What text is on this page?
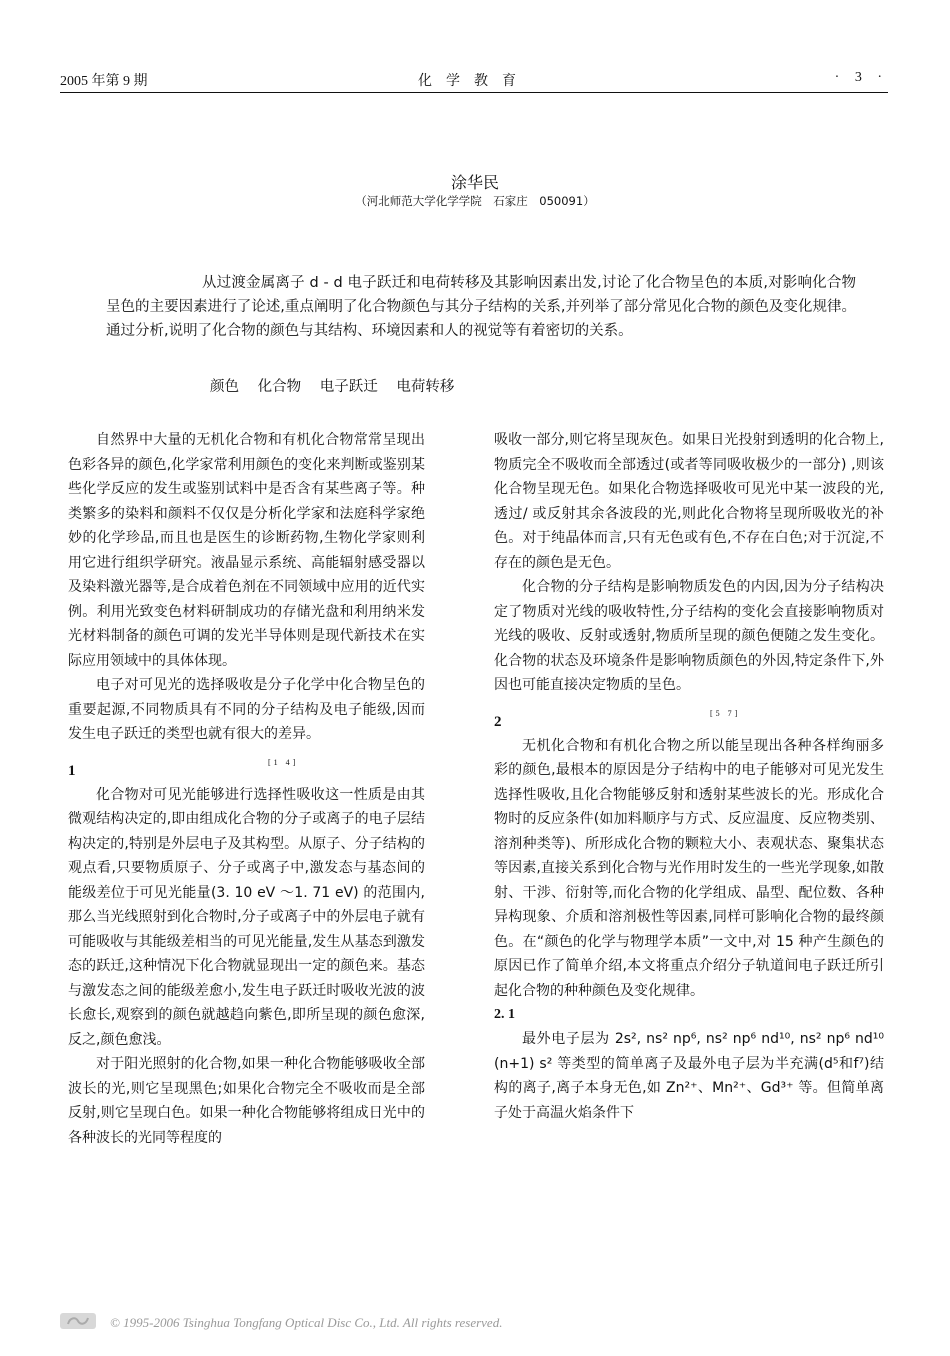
2005 年第 9 期	化学教育	· 3 ·
涂华民
（河北师范大学化学学院　石家庄　050091）

从过渡金属离子 d - d 电子跃迁和电荷转移及其影响因素出发,讨论了化合物呈色的本质,对影响化合物呈色的主要因素进行了论述,重点阐明了化合物颜色与其分子结构的关系,并列举了部分常见化合物的颜色及变化规律。通过分析,说明了化合物的颜色与其结构、环境因素和人的视觉等有着密切的关系。

颜色 化合物 电子跃迁 电荷转移

自然界中大量的无机化合物和有机化合物常常呈现出色彩各异的颜色,化学家常利用颜色的变化来判断或鉴别某些化学反应的发生或鉴别试料中是否含有某些离子等。种类繁多的染料和颜料不仅仅是分析化学家和法庭科学家绝妙的化学珍品,而且也是医生的诊断药物,生物化学家则利用它进行组织学研究。液晶显示系统、高能辐射感受器以及染料激光器等,是合成着色剂在不同领域中应用的近代实例。利用光致变色材料研制成功的存储光盘和利用纳米发光材料制备的颜色可调的发光半导体则是现代新技术在实际应用领域中的具体体现。

电子对可见光的选择吸收是分子化学中化合物呈色的重要起源,不同物质具有不同的分子结构及电子能级,因而发生电子跃迁的类型也就有很大的差异。

1
[1 4]

化合物对可见光能够进行选择性吸收这一性质是由其微观结构决定的,即由组成化合物的分子或离子的电子层结构决定的,特别是外层电子及其构型。从原子、分子结构的观点看,只要物质原子、分子或离子中,激发态与基态间的能级差位于可见光能量(3. 10 eV ～1. 71 eV) 的范围内,那么当光线照射到化合物时,分子或离子中的外层电子就有可能吸收与其能级差相当的可见光能量,发生从基态到激发态的跃迁,这种情况下化合物就显现出一定的颜色来。基态与激发态之间的能级差愈小,发生电子跃迁时吸收光波的波长愈长,观察到的颜色就越趋向紫色,即所呈现的颜色愈深,反之,颜色愈浅。

对于阳光照射的化合物,如果一种化合物能够吸收全部波长的光,则它呈现黑色;如果化合物完全不吸收而是全部反射,则它呈现白色。如果一种化合物能够将组成日光中的各种波长的光同等程度的

吸收一部分,则它将呈现灰色。如果日光投射到透明的化合物上,物质完全不吸收而全部透过(或者等同吸收极少的一部分) ,则该化合物呈现无色。如果化合物选择吸收可见光中某一波段的光,透过/ 或反射其余各波段的光,则此化合物将呈现所吸收光的补色。对于纯晶体而言,只有无色或有色,不存在白色;对于沉淀,不存在的颜色是无色。

化合物的分子结构是影响物质发色的内因,因为分子结构决定了物质对光线的吸收特性,分子结构的变化会直接影响物质对光线的吸收、反射或透射,物质所呈现的颜色便随之发生变化。化合物的状态及环境条件是影响物质颜色的外因,特定条件下,外因也可能直接决定物质的呈色。

2
[5 7]

无机化合物和有机化合物之所以能呈现出各种各样绚丽多彩的颜色,最根本的原因是分子结构中的电子能够对可见光发生选择性吸收,且化合物能够反射和透射某些波长的光。形成化合物时的反应条件(如加料顺序与方式、反应温度、反应物类别、溶剂种类等)、所形成化合物的颗粒大小、表观状态、聚集状态等因素,直接关系到化合物与光作用时发生的一些光学现象,如散射、干涉、衍射等,而化合物的化学组成、晶型、配位数、各种异构现象、介质和溶剂极性等因素,同样可影响化合物的最终颜色。在“颜色的化学与物理学本质”一文中,对 15 种产生颜色的原因已作了简单介绍,本文将重点介绍分子轨道间电子跃迁所引起化合物的种种颜色及变化规律。

2. 1

最外电子层为 2s², ns² np⁶, ns² np⁶ nd¹⁰, ns² np⁶ nd¹⁰ (n+1) s² 等类型的简单离子及最外电子层为半充满(d⁵和f⁷)结构的离子,离子本身无色,如 Zn²⁺、Mn²⁺、Gd³⁺ 等。但简单离子处于高温火焰条件下

© 1995-2006 Tsinghua Tongfang Optical Disc Co., Ltd. All rights reserved.
